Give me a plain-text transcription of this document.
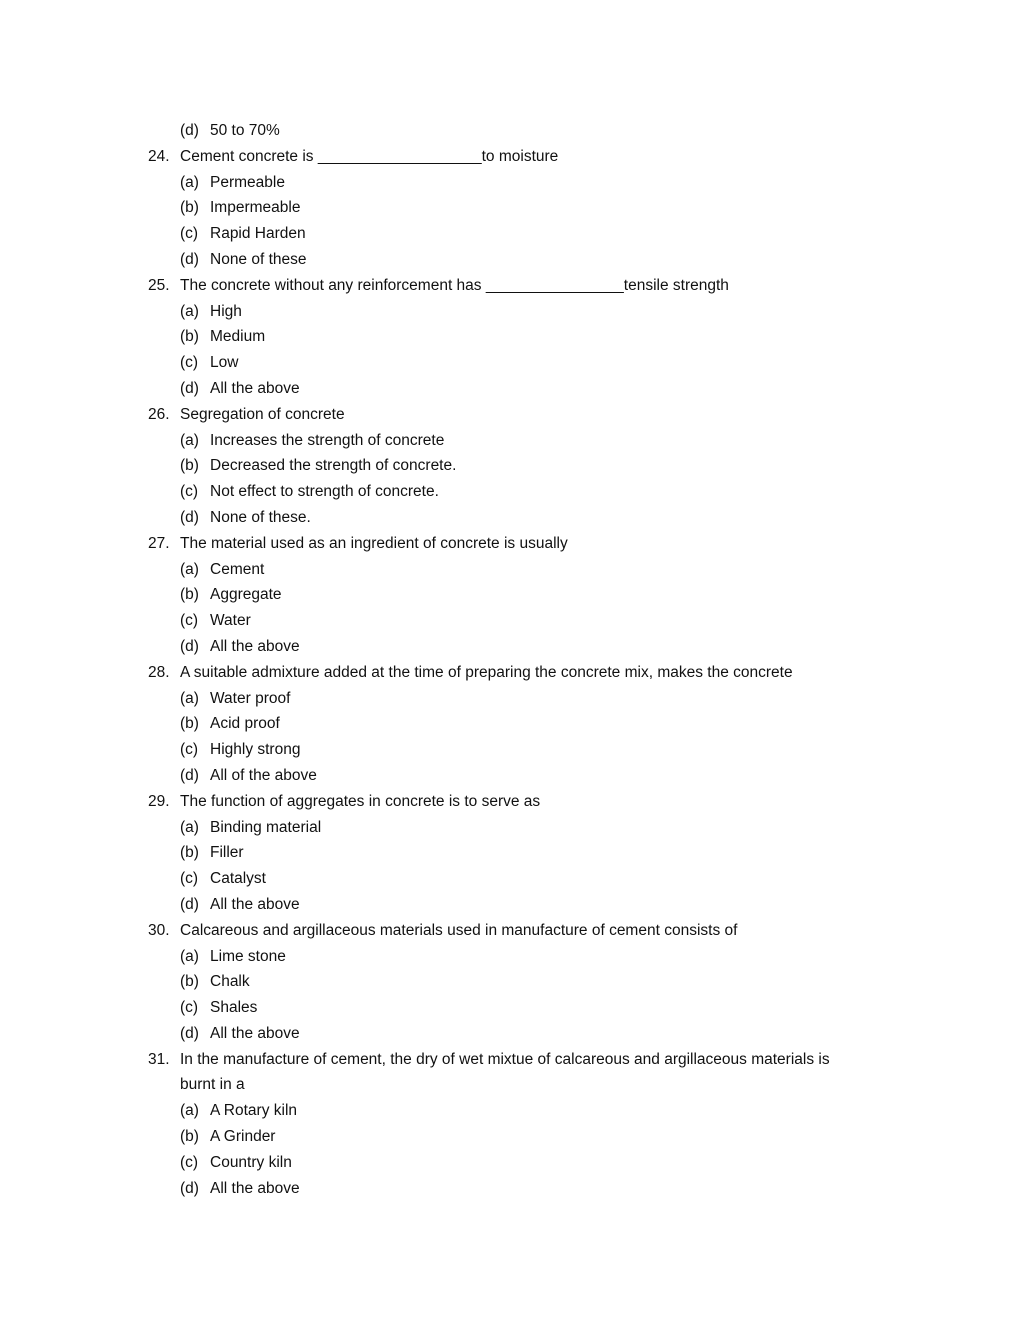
(d) 50 to 70%
24. Cement concrete is ___________________to moisture
(a) Permeable
(b) Impermeable
(c) Rapid Harden
(d) None of these
25. The concrete without any reinforcement has ________________tensile strength
(a) High
(b) Medium
(c) Low
(d) All the above
26. Segregation of concrete
(a) Increases the strength of concrete
(b) Decreased the strength of concrete.
(c) Not effect to strength of concrete.
(d) None of these.
27. The material used as an ingredient of concrete is usually
(a) Cement
(b) Aggregate
(c) Water
(d) All the above
28. A suitable admixture added at the time of preparing the concrete mix, makes the concrete
(a) Water proof
(b) Acid proof
(c) Highly strong
(d) All of the above
29. The function of aggregates in concrete is to serve as
(a) Binding material
(b) Filler
(c) Catalyst
(d) All the above
30. Calcareous and argillaceous materials used in manufacture of cement consists of
(a) Lime stone
(b) Chalk
(c) Shales
(d) All the above
31. In the manufacture of cement, the dry of wet mixtue of calcareous and argillaceous materials is
burnt in a
(a) A Rotary kiln
(b) A Grinder
(c) Country kiln
(d) All the above
